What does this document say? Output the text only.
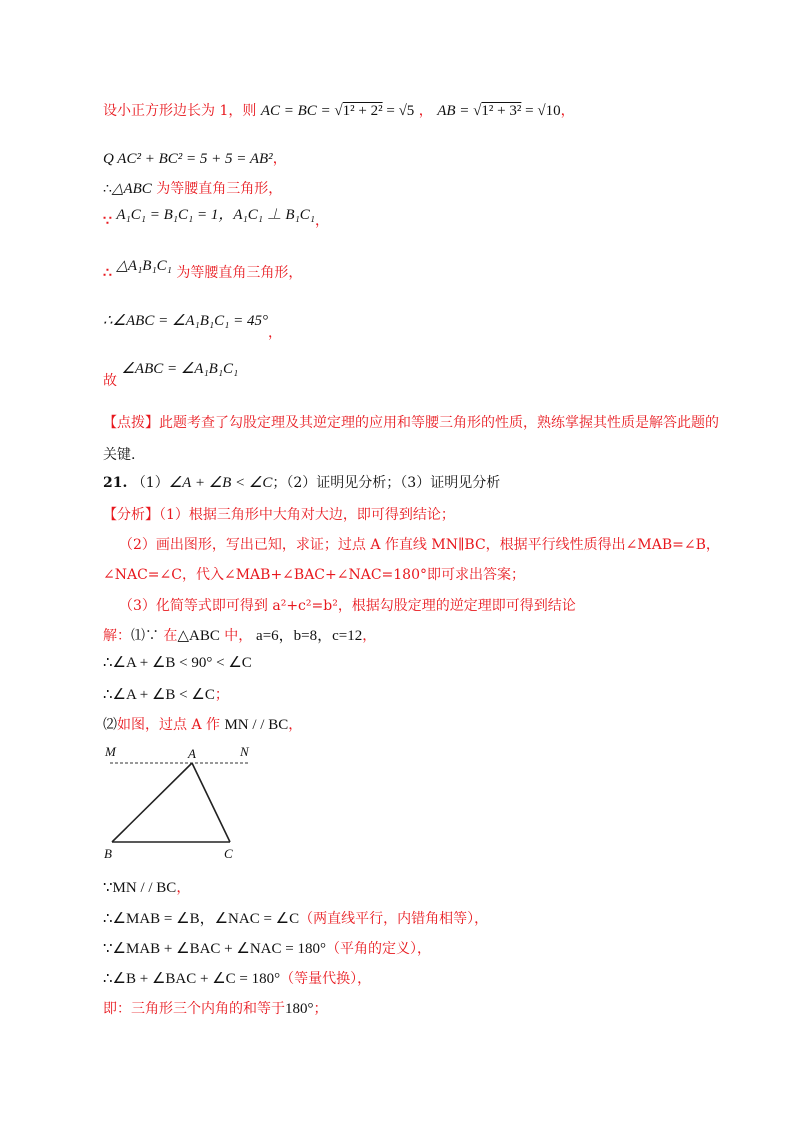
设小正方形边长为 1，则 AC = BC = √1² + 2² = √5 ， AB = √1² + 3² = √10，
Q AC² + BC² = 5 + 5 = AB²，
∴△ABC 为等腰直角三角形，
∵ A₁C₁ = B₁C₁ = 1，A₁C₁ ⊥ B₁C₁，
∴ △A₁B₁C₁ 为等腰直角三角形，
∴∠ABC = ∠A₁B₁C₁ = 45°，
故 ∠ABC = ∠A₁B₁C₁
【点拨】此题考查了勾股定理及其逆定理的应用和等腰三角形的性质，熟练掌握其性质是解答此题的
关键.
21. （1）∠A + ∠B < ∠C；（2）证明见分析；（3）证明见分析
【分析】（1）根据三角形中大角对大边，即可得到结论；
（2）画出图形，写出已知，求证；过点 A 作直线 MN∥BC，根据平行线性质得出∠MAB=∠B，
∠NAC=∠C，代入∠MAB+∠BAC+∠NAC=180°即可求出答案；
（3）化简等式即可得到 a²+c²=b²，根据勾股定理的逆定理即可得到结论
解：⑴∵ 在△ABC 中， a=6，b=8，c=12，
∴∠A + ∠B < 90° < ∠C
∴∠A + ∠B < ∠C；
⑵如图，过点 A 作 MN / / BC，
M	A	N
B	C
∵MN / / BC，
∴∠MAB = ∠B，∠NAC = ∠C（两直线平行，内错角相等），
∵∠MAB + ∠BAC + ∠NAC = 180°（平角的定义），
∴∠B + ∠BAC + ∠C = 180°（等量代换），
即：三角形三个内角的和等于180°；
